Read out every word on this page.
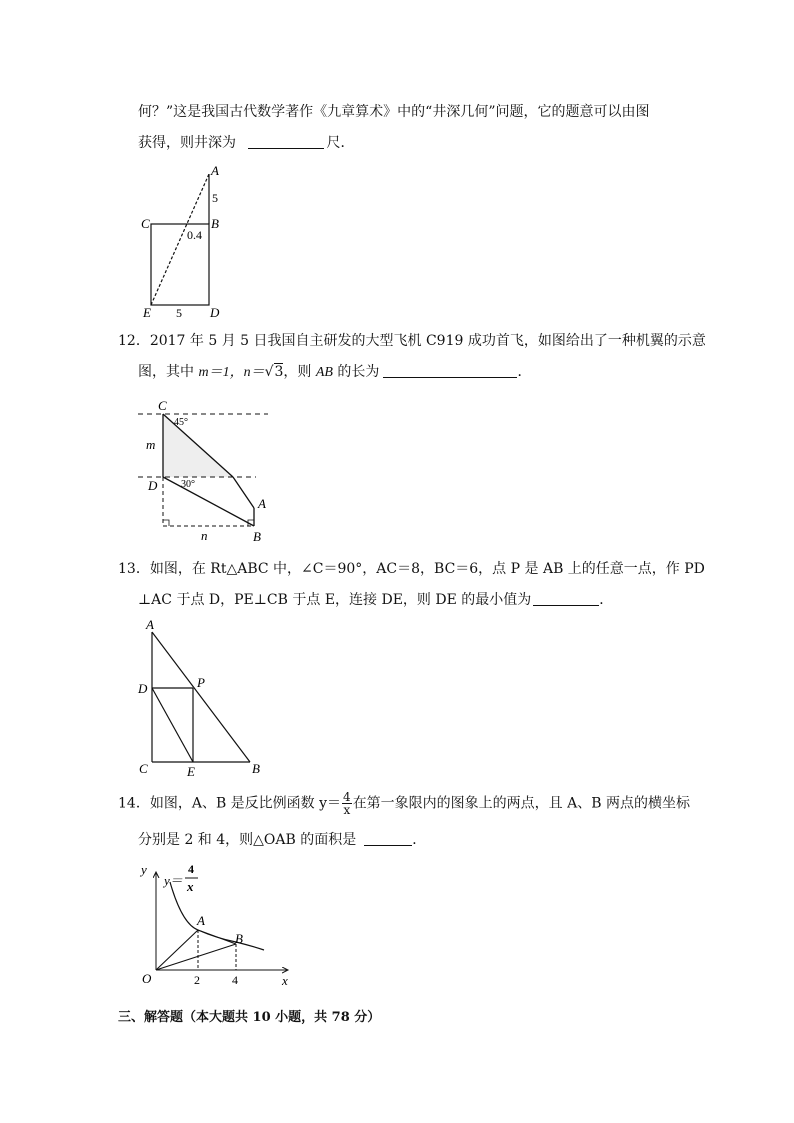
何？”这是我国古代数学著作《九章算术》中的“井深几何”问题，它的题意可以由图
获得，则井深为	尺．
A
B
C
D
E
5
5
0.4
12．2017 年 5 月 5 日我国自主研发的大型飞机 C919 成功首飞，如图给出了一种机翼的示意
图，其中 m＝1，n＝√3，则 AB 的长为	．
C
D
A
B
m
n
45°
30°
13．如图，在 Rt△ABC 中，∠C＝90°，AC＝8，BC＝6，点 P 是 AB 上的任意一点，作 PD
⊥AC 于点 D，PE⊥CB 于点 E，连接 DE，则 DE 的最小值为	．
A
D	P
C	E	B
14．如图，A、B 是反比例函数 $y= \frac{4}{x}$ 在第一象限内的图象上的两点，且 A、B 两点的横坐标
分别是 2 和 4，则△OAB 的面积是	．
y
x
O
A
B
2	4
y＝
4
x
三、解答题（本大题共 10 小题，共 78 分）
